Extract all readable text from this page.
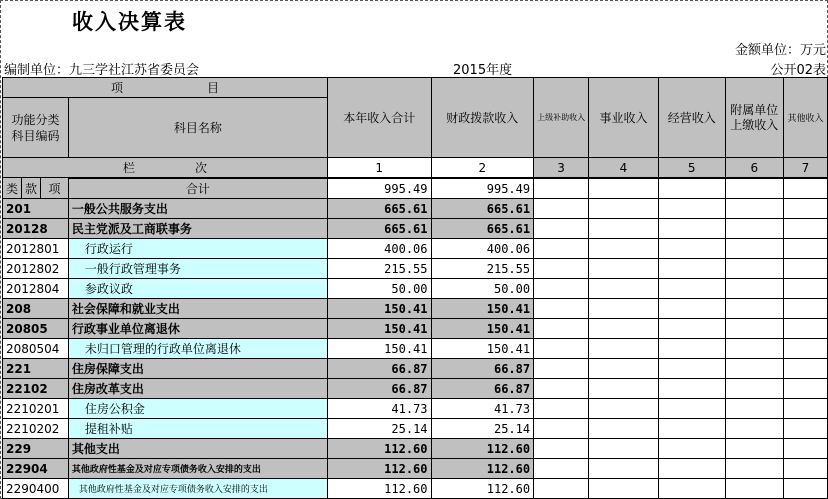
收入决算表
金额单位：万元
编制单位：九三学社江苏省委员会	2015年度	公开02表
项　　　　　　　目				本年收入合计	财政拨款收入	上级补助收入	事业收入	经营收入	附属单位上缴收入	其他收入
功能分类科目编码			科目名称							

栏　　　　　次				1	2	3	4	5	6	7
类	款	项								
			合计	995.49	995.49					
201			一般公共服务支出	665.61	665.61					
20128			民主党派及工商联事务	665.61	665.61					
2012801			行政运行	400.06	400.06					
2012802			一般行政管理事务	215.55	215.55					
2012804			参政议政	50.00	50.00					
208			社会保障和就业支出	150.41	150.41					
20805			行政事业单位离退休	150.41	150.41					
2080504			未归口管理的行政单位离退休	150.41	150.41					
221			住房保障支出	66.87	66.87					
22102			住房改革支出	66.87	66.87					
2210201			住房公积金	41.73	41.73					
2210202			提租补贴	25.14	25.14					
229			其他支出	112.60	112.60					
22904			其他政府性基金及对应专项债务收入安排的支出	112.60	112.60					
2290400			其他政府性基金及对应专项债务收入安排的支出	112.60	112.60					
